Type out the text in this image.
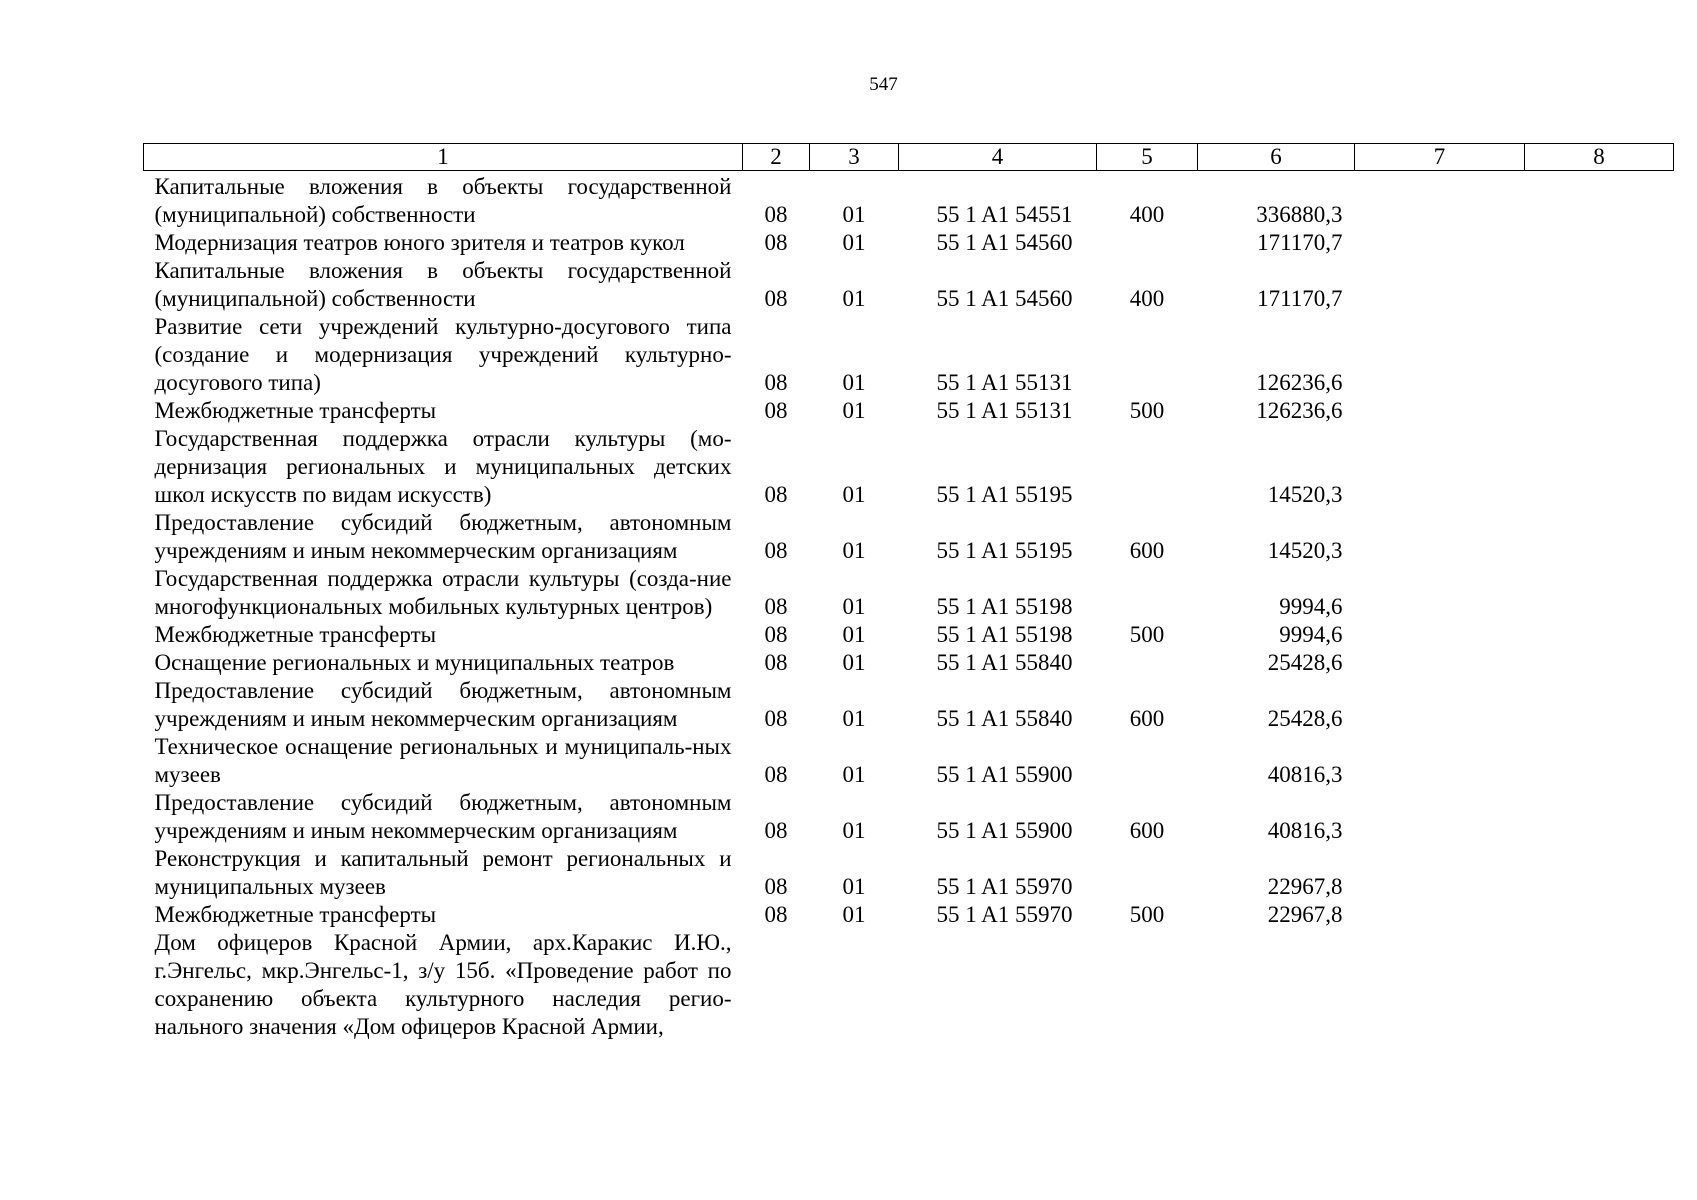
547
1	2	3	4	5	6	7	8
Капитальные вложения в объекты государственной (муниципальной) собственности	08	01	55 1 A1 54551	400	336880,3		
Модернизация театров юного зрителя и театров кукол	08	01	55 1 A1 54560		171170,7		
Капитальные вложения в объекты государственной (муниципальной) собственности	08	01	55 1 A1 54560	400	171170,7		
Развитие сети учреждений культурно-досугового типа (создание и модернизация учреждений культурно-досугового типа)	08	01	55 1 A1 55131		126236,6		
Межбюджетные трансферты	08	01	55 1 A1 55131	500	126236,6		
Государственная поддержка отрасли культуры (мо-дернизация региональных и муниципальных детских школ искусств по видам искусств)	08	01	55 1 A1 55195		14520,3		
Предоставление субсидий бюджетным, автономным учреждениям и иным некоммерческим организациям	08	01	55 1 A1 55195	600	14520,3		
Государственная поддержка отрасли культуры (созда-ние многофункциональных мобильных культурных центров)	08	01	55 1 A1 55198		9994,6		
Межбюджетные трансферты	08	01	55 1 A1 55198	500	9994,6		
Оснащение региональных и муниципальных театров	08	01	55 1 A1 55840		25428,6		
Предоставление субсидий бюджетным, автономным учреждениям и иным некоммерческим организациям	08	01	55 1 A1 55840	600	25428,6		
Техническое оснащение региональных и муниципаль-ных музеев	08	01	55 1 A1 55900		40816,3		
Предоставление субсидий бюджетным, автономным учреждениям и иным некоммерческим организациям	08	01	55 1 A1 55900	600	40816,3		
Реконструкция и капитальный ремонт региональных и муниципальных музеев	08	01	55 1 A1 55970		22967,8		
Межбюджетные трансферты	08	01	55 1 A1 55970	500	22967,8		
Дом офицеров Красной Армии, арх.Каракис И.Ю., г.Энгельс, мкр.Энгельс-1, з/у 15б. «Проведение работ по сохранению объекта культурного наследия регио-нального значения «Дом офицеров Красной Армии,							
